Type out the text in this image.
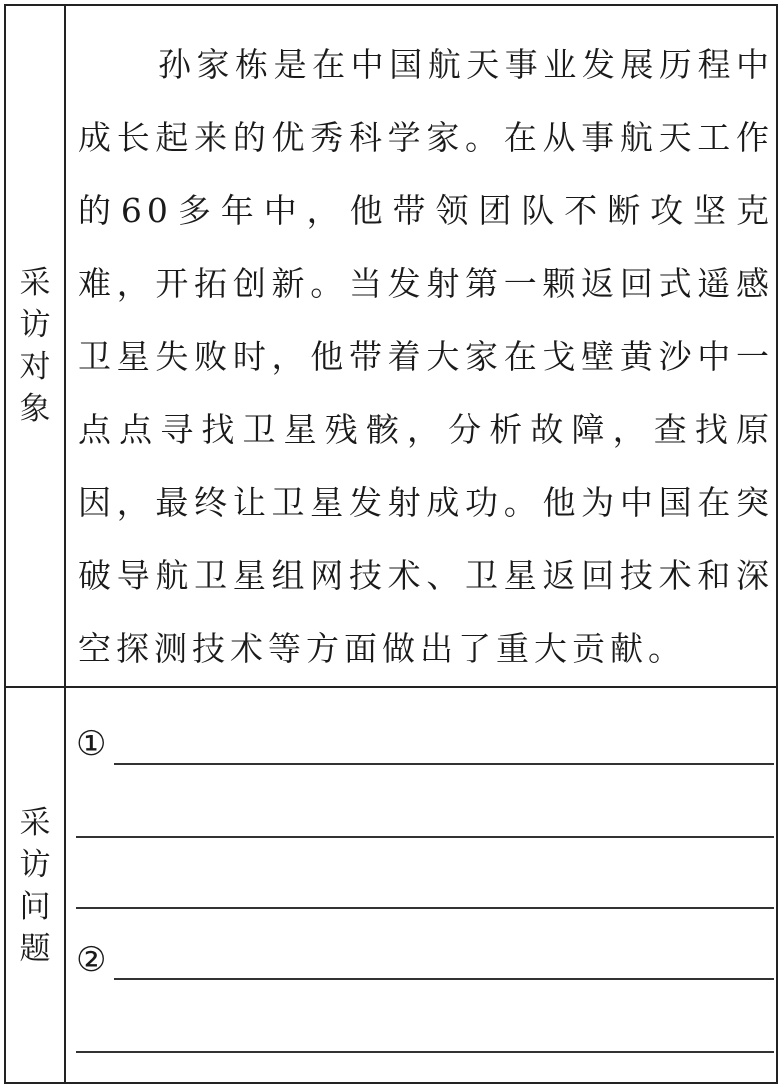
采访对象

孙家栋是在中国航天事业发展历程中成长起来的优秀科学家。在从事航天工作的60多年中，他带领团队不断攻坚克难，开拓创新。当发射第一颗返回式遥感卫星失败时，他带着大家在戈壁黄沙中一点点寻找卫星残骸，分析故障，查找原因，最终让卫星发射成功。他为中国在突破导航卫星组网技术、卫星返回技术和深空探测技术等方面做出了重大贡献。

采访问题
①
②
